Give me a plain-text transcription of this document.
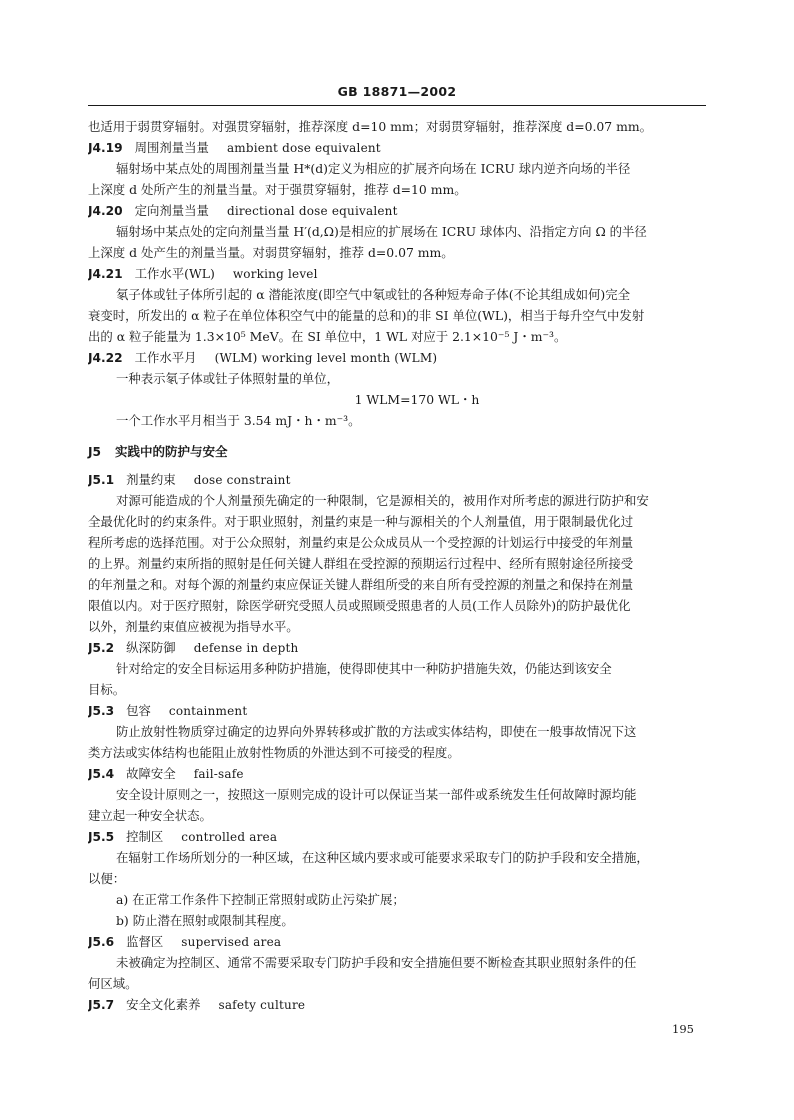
GB 18871—2002
也适用于弱贯穿辐射。对强贯穿辐射，推荐深度 d=10 mm；对弱贯穿辐射，推荐深度 d=0.07 mm。
J4.19 周围剂量当量 ambient dose equivalent
辐射场中某点处的周围剂量当量 H*(d)定义为相应的扩展齐向场在 ICRU 球内逆齐向场的半径
上深度 d 处所产生的剂量当量。对于强贯穿辐射，推荐 d=10 mm。
J4.20 定向剂量当量 directional dose equivalent
辐射场中某点处的定向剂量当量 H′(d,Ω)是相应的扩展场在 ICRU 球体内、沿指定方向 Ω 的半径
上深度 d 处产生的剂量当量。对弱贯穿辐射，推荐 d=0.07 mm。
J4.21 工作水平(WL) working level
氡子体或钍子体所引起的 α 潜能浓度(即空气中氡或钍的各种短寿命子体(不论其组成如何)完全
衰变时，所发出的 α 粒子在单位体积空气中的能量的总和)的非 SI 单位(WL)，相当于每升空气中发射
出的 α 粒子能量为 1.3×10⁵ MeV。在 SI 单位中，1 WL 对应于 2.1×10⁻⁵ J・m⁻³。
J4.22 工作水平月 (WLM) working level month (WLM)
一种表示氡子体或钍子体照射量的单位，
1 WLM=170 WL・h
一个工作水平月相当于 3.54 mJ・h・m⁻³。
J5 实践中的防护与安全
J5.1 剂量约束 dose constraint
对源可能造成的个人剂量预先确定的一种限制，它是源相关的，被用作对所考虑的源进行防护和安
全最优化时的约束条件。对于职业照射，剂量约束是一种与源相关的个人剂量值，用于限制最优化过
程所考虑的选择范围。对于公众照射，剂量约束是公众成员从一个受控源的计划运行中接受的年剂量
的上界。剂量约束所指的照射是任何关键人群组在受控源的预期运行过程中、经所有照射途径所接受
的年剂量之和。对每个源的剂量约束应保证关键人群组所受的来自所有受控源的剂量之和保持在剂量
限值以内。对于医疗照射，除医学研究受照人员或照顾受照患者的人员(工作人员除外)的防护最优化
以外，剂量约束值应被视为指导水平。
J5.2 纵深防御 defense in depth
针对给定的安全目标运用多种防护措施，使得即使其中一种防护措施失效，仍能达到该安全
目标。
J5.3 包容 containment
防止放射性物质穿过确定的边界向外界转移或扩散的方法或实体结构，即使在一般事故情况下这
类方法或实体结构也能阻止放射性物质的外泄达到不可接受的程度。
J5.4 故障安全 fail-safe
安全设计原则之一，按照这一原则完成的设计可以保证当某一部件或系统发生任何故障时源均能
建立起一种安全状态。
J5.5 控制区 controlled area
在辐射工作场所划分的一种区域，在这种区域内要求或可能要求采取专门的防护手段和安全措施，
以便：
a) 在正常工作条件下控制正常照射或防止污染扩展；
b) 防止潜在照射或限制其程度。
J5.6 监督区 supervised area
未被确定为控制区、通常不需要采取专门防护手段和安全措施但要不断检查其职业照射条件的任
何区域。
J5.7 安全文化素养 safety culture
195
